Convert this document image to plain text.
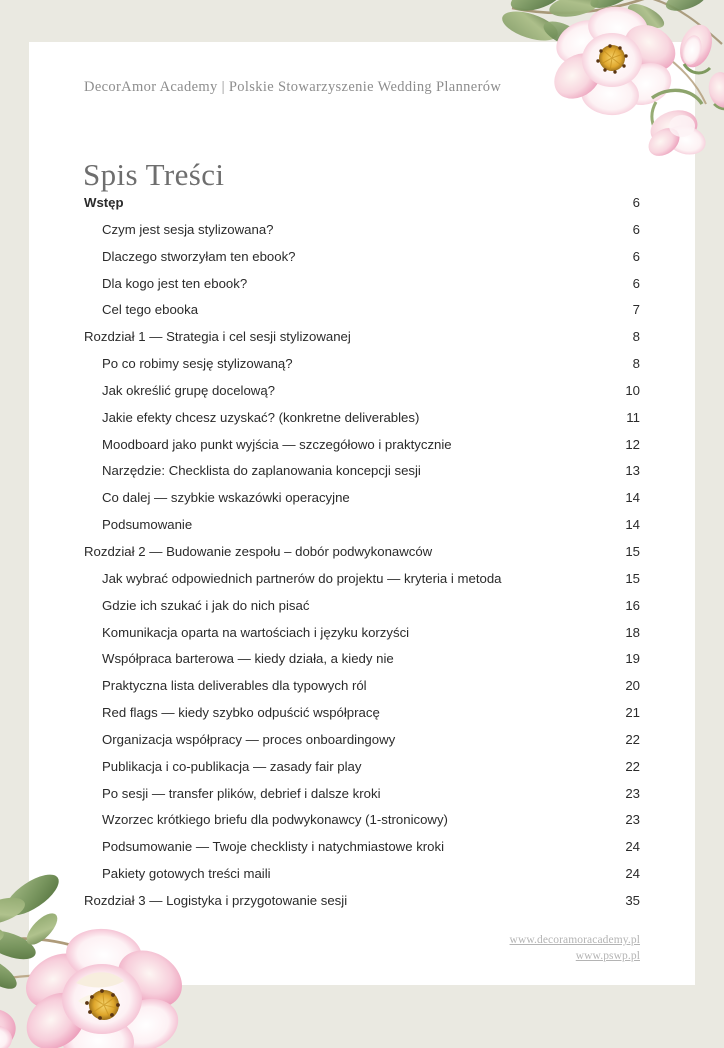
DecorAmor Academy | Polskie Stowarzyszenie Wedding Plannerów
Spis Treści
Wstęp	6
Czym jest sesja stylizowana?	6
Dlaczego stworzyłam ten ebook?	6
Dla kogo jest ten ebook?	6
Cel tego ebooka	7
Rozdział 1 — Strategia i cel sesji stylizowanej	8
Po co robimy sesję stylizowaną?	8
Jak określić grupę docelową?	10
Jakie efekty chcesz uzyskać? (konkretne deliverables)	11
Moodboard jako punkt wyjścia — szczegółowo i praktycznie	12
Narzędzie: Checklista do zaplanowania koncepcji sesji	13
Co dalej — szybkie wskazówki operacyjne	14
Podsumowanie	14
Rozdział 2 — Budowanie zespołu – dobór podwykonawców	15
Jak wybrać odpowiednich partnerów do projektu — kryteria i metoda	15
Gdzie ich szukać i jak do nich pisać	16
Komunikacja oparta na wartościach i języku korzyści	18
Współpraca barterowa — kiedy działa, a kiedy nie	19
Praktyczna lista deliverables dla typowych ról	20
Red flags — kiedy szybko odpuścić współpracę	21
Organizacja współpracy — proces onboardingowy	22
Publikacja i co-publikacja — zasady fair play	22
Po sesji — transfer plików, debrief i dalsze kroki	23
Wzorzec krótkiego briefu dla podwykonawcy (1-stronicowy)	23
Podsumowanie — Twoje checklisty i natychmiastowe kroki	24
Pakiety gotowych treści maili	24
Rozdział 3 — Logistyka i przygotowanie sesji	35
www.decoramoracademy.pl
www.pswp.pl
